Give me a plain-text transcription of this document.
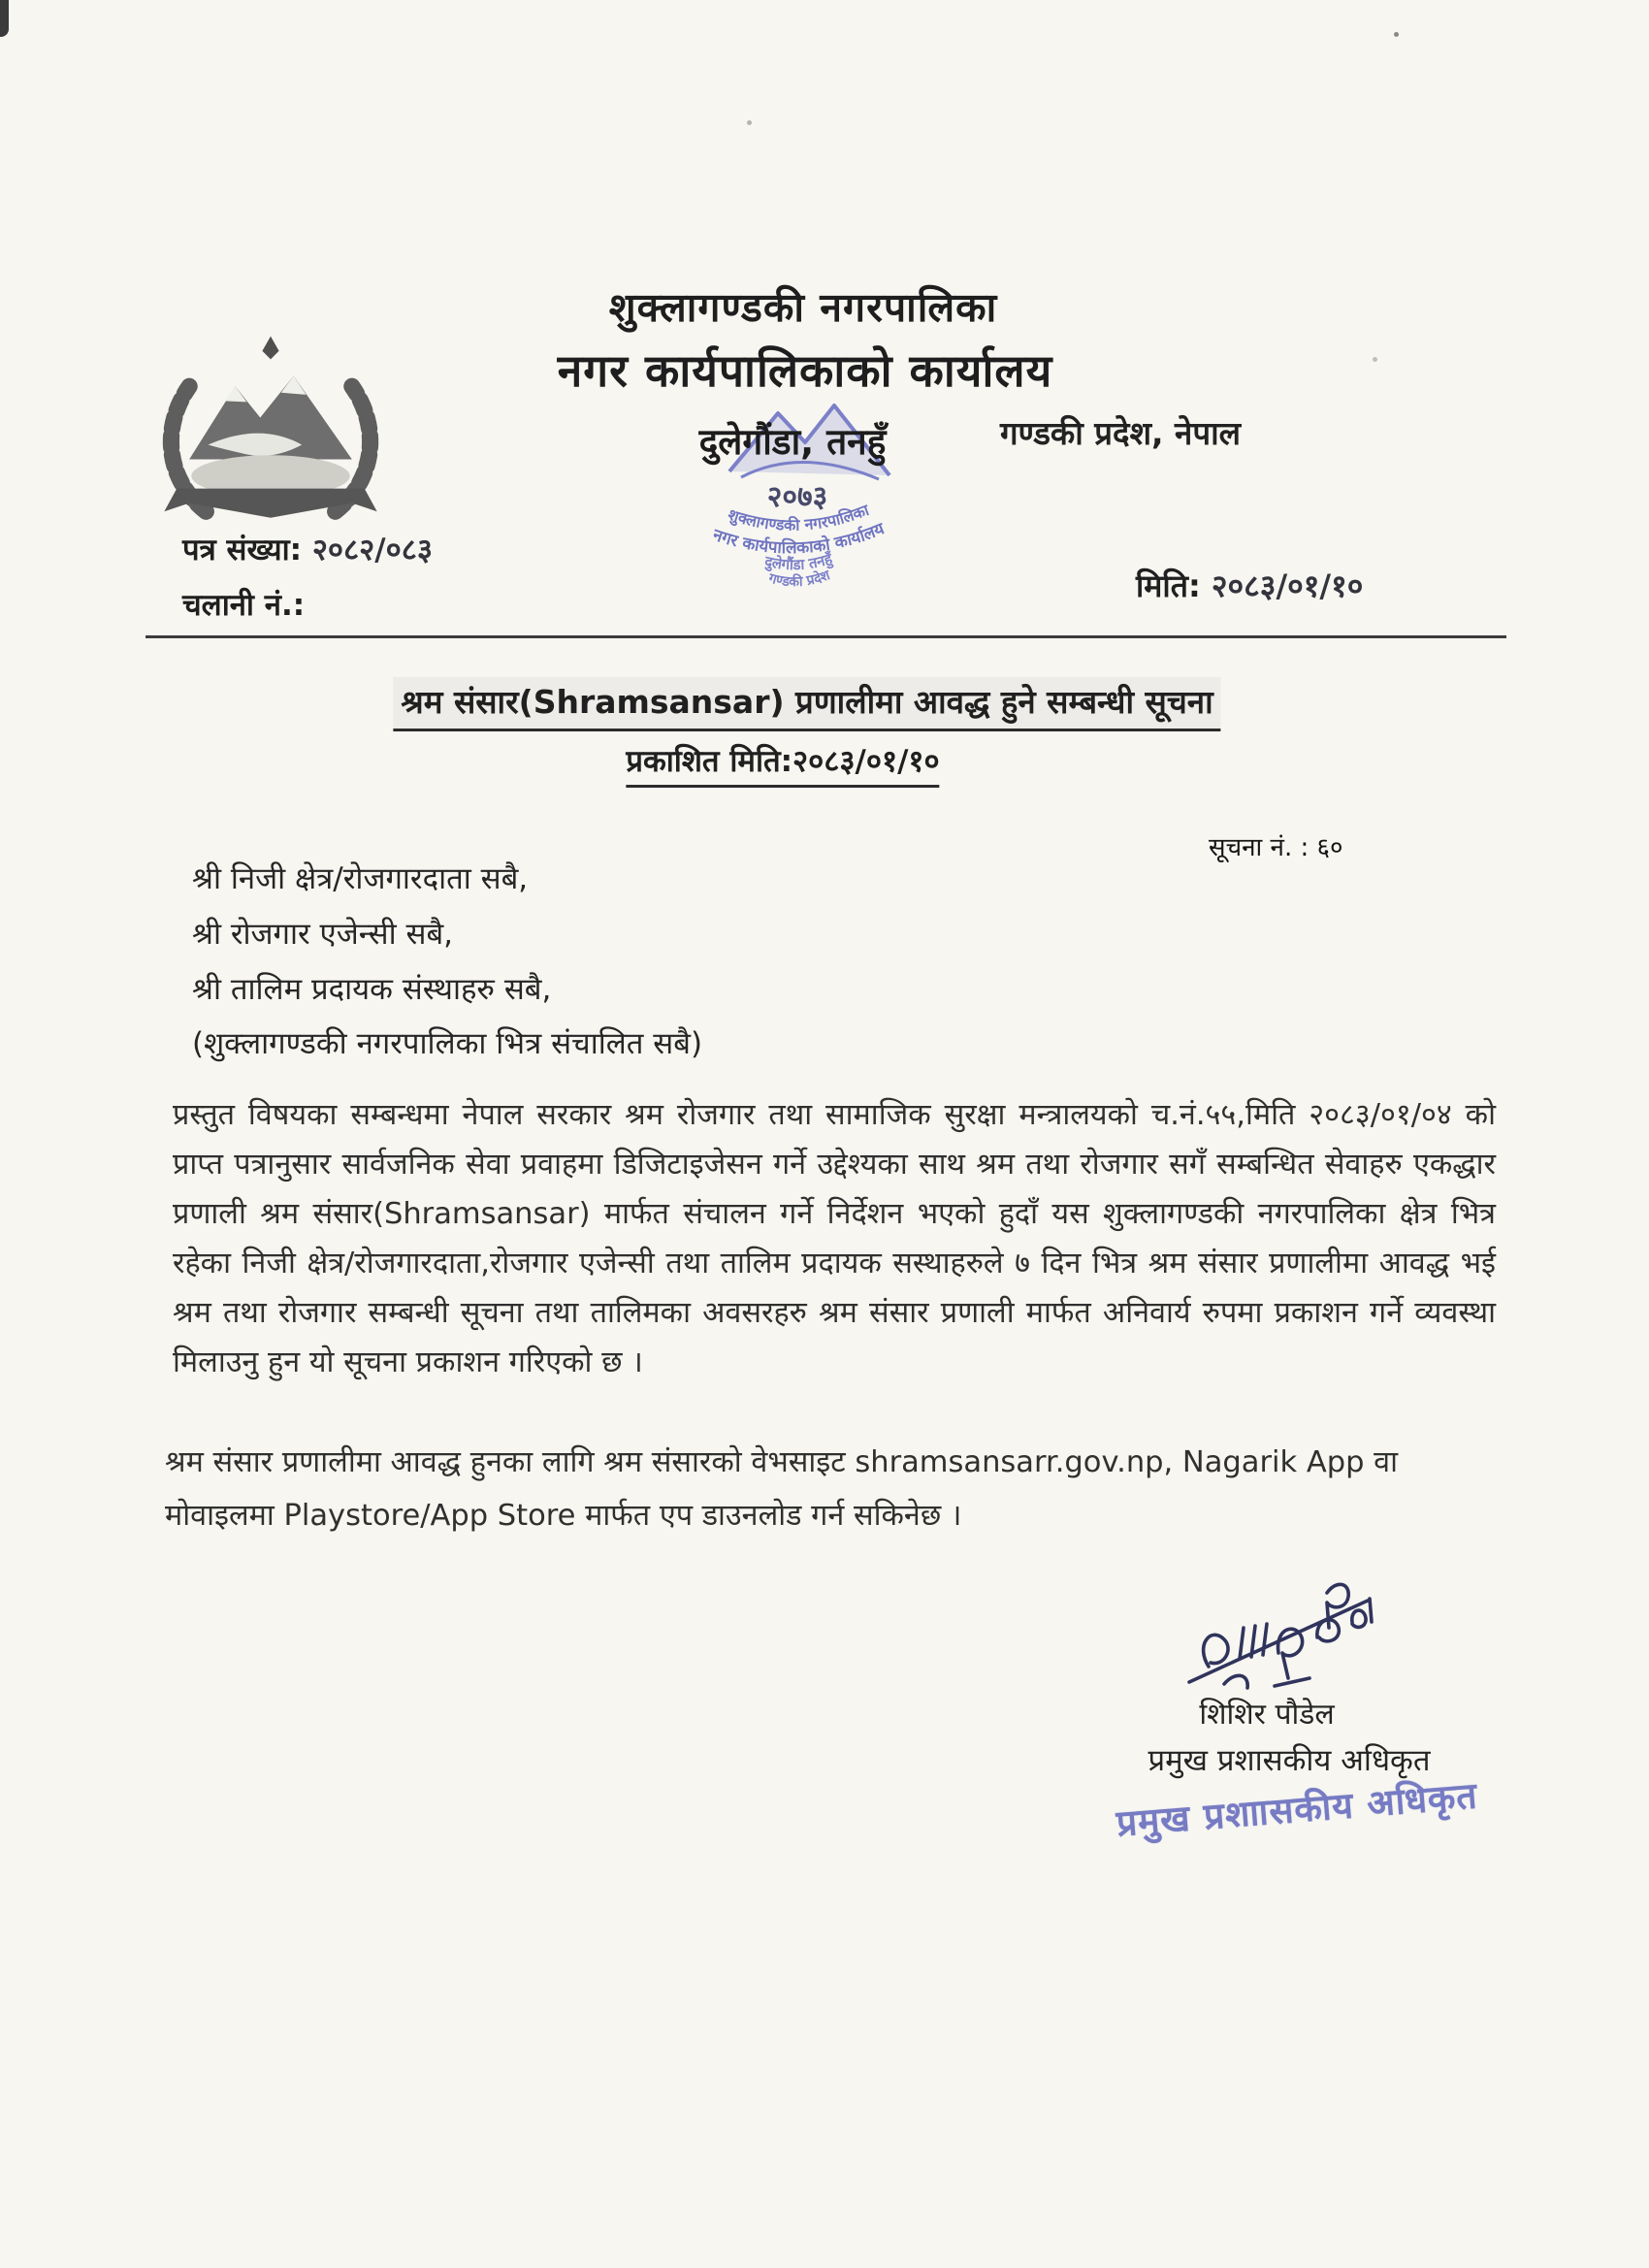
शुक्लागण्डकी नगरपालिका
नगर कार्यपालिकाको कार्यालय
दुलेगौंडा, तनहुँ	गण्डकी प्रदेश, नेपाल
२०७३
शुक्लागण्डकी नगरपालिका
नगर कार्यपालिकाको कार्यालय
दुलेगौंडा तनहुँ
गण्डकी प्रदेश
पत्र संख्या: २०८२/०८३
चलानी नं.:
मिति: २०८३/०१/१०
श्रम संसार(Shramsansar) प्रणालीमा आवद्ध हुने सम्बन्धी सूचना
प्रकाशित मिति:२०८३/०१/१०
सूचना नं. : ६०
श्री निजी क्षेत्र/रोजगारदाता सबै,
श्री रोजगार एजेन्सी सबै,
श्री तालिम प्रदायक संस्थाहरु सबै,
(शुक्लागण्डकी नगरपालिका भित्र संचालित सबै)
प्रस्तुत विषयका सम्बन्धमा नेपाल सरकार श्रम रोजगार तथा सामाजिक सुरक्षा मन्त्रालयको च.नं.५५,मिति २०८३/०१/०४ को प्राप्त पत्रानुसार सार्वजनिक सेवा प्रवाहमा डिजिटाइजेसन गर्ने उद्देश्यका साथ श्रम तथा रोजगार सगँ सम्बन्धित सेवाहरु एकद्धार प्रणाली श्रम संसार(Shramsansar) मार्फत संचालन गर्ने निर्देशन भएको हुदाँ यस शुक्लागण्डकी नगरपालिका क्षेत्र भित्र रहेका निजी क्षेत्र/रोजगारदाता,रोजगार एजेन्सी तथा तालिम प्रदायक सस्थाहरुले ७ दिन भित्र श्रम संसार प्रणालीमा आवद्ध भई श्रम तथा रोजगार सम्बन्धी सूचना तथा तालिमका अवसरहरु श्रम संसार प्रणाली मार्फत अनिवार्य रुपमा प्रकाशन गर्ने व्यवस्था मिलाउनु हुन यो सूचना प्रकाशन गरिएको छ ।
श्रम संसार प्रणालीमा आवद्ध हुनका लागि श्रम संसारको वेभसाइट shramsansarr.gov.np, Nagarik App वा मोवाइलमा Playstore/App Store मार्फत एप डाउनलोड गर्न सकिनेछ ।
शिशिर पौडेल
प्रमुख प्रशासकीय अधिकृत
प्रमुख प्रशाासकीय अधिकृत
